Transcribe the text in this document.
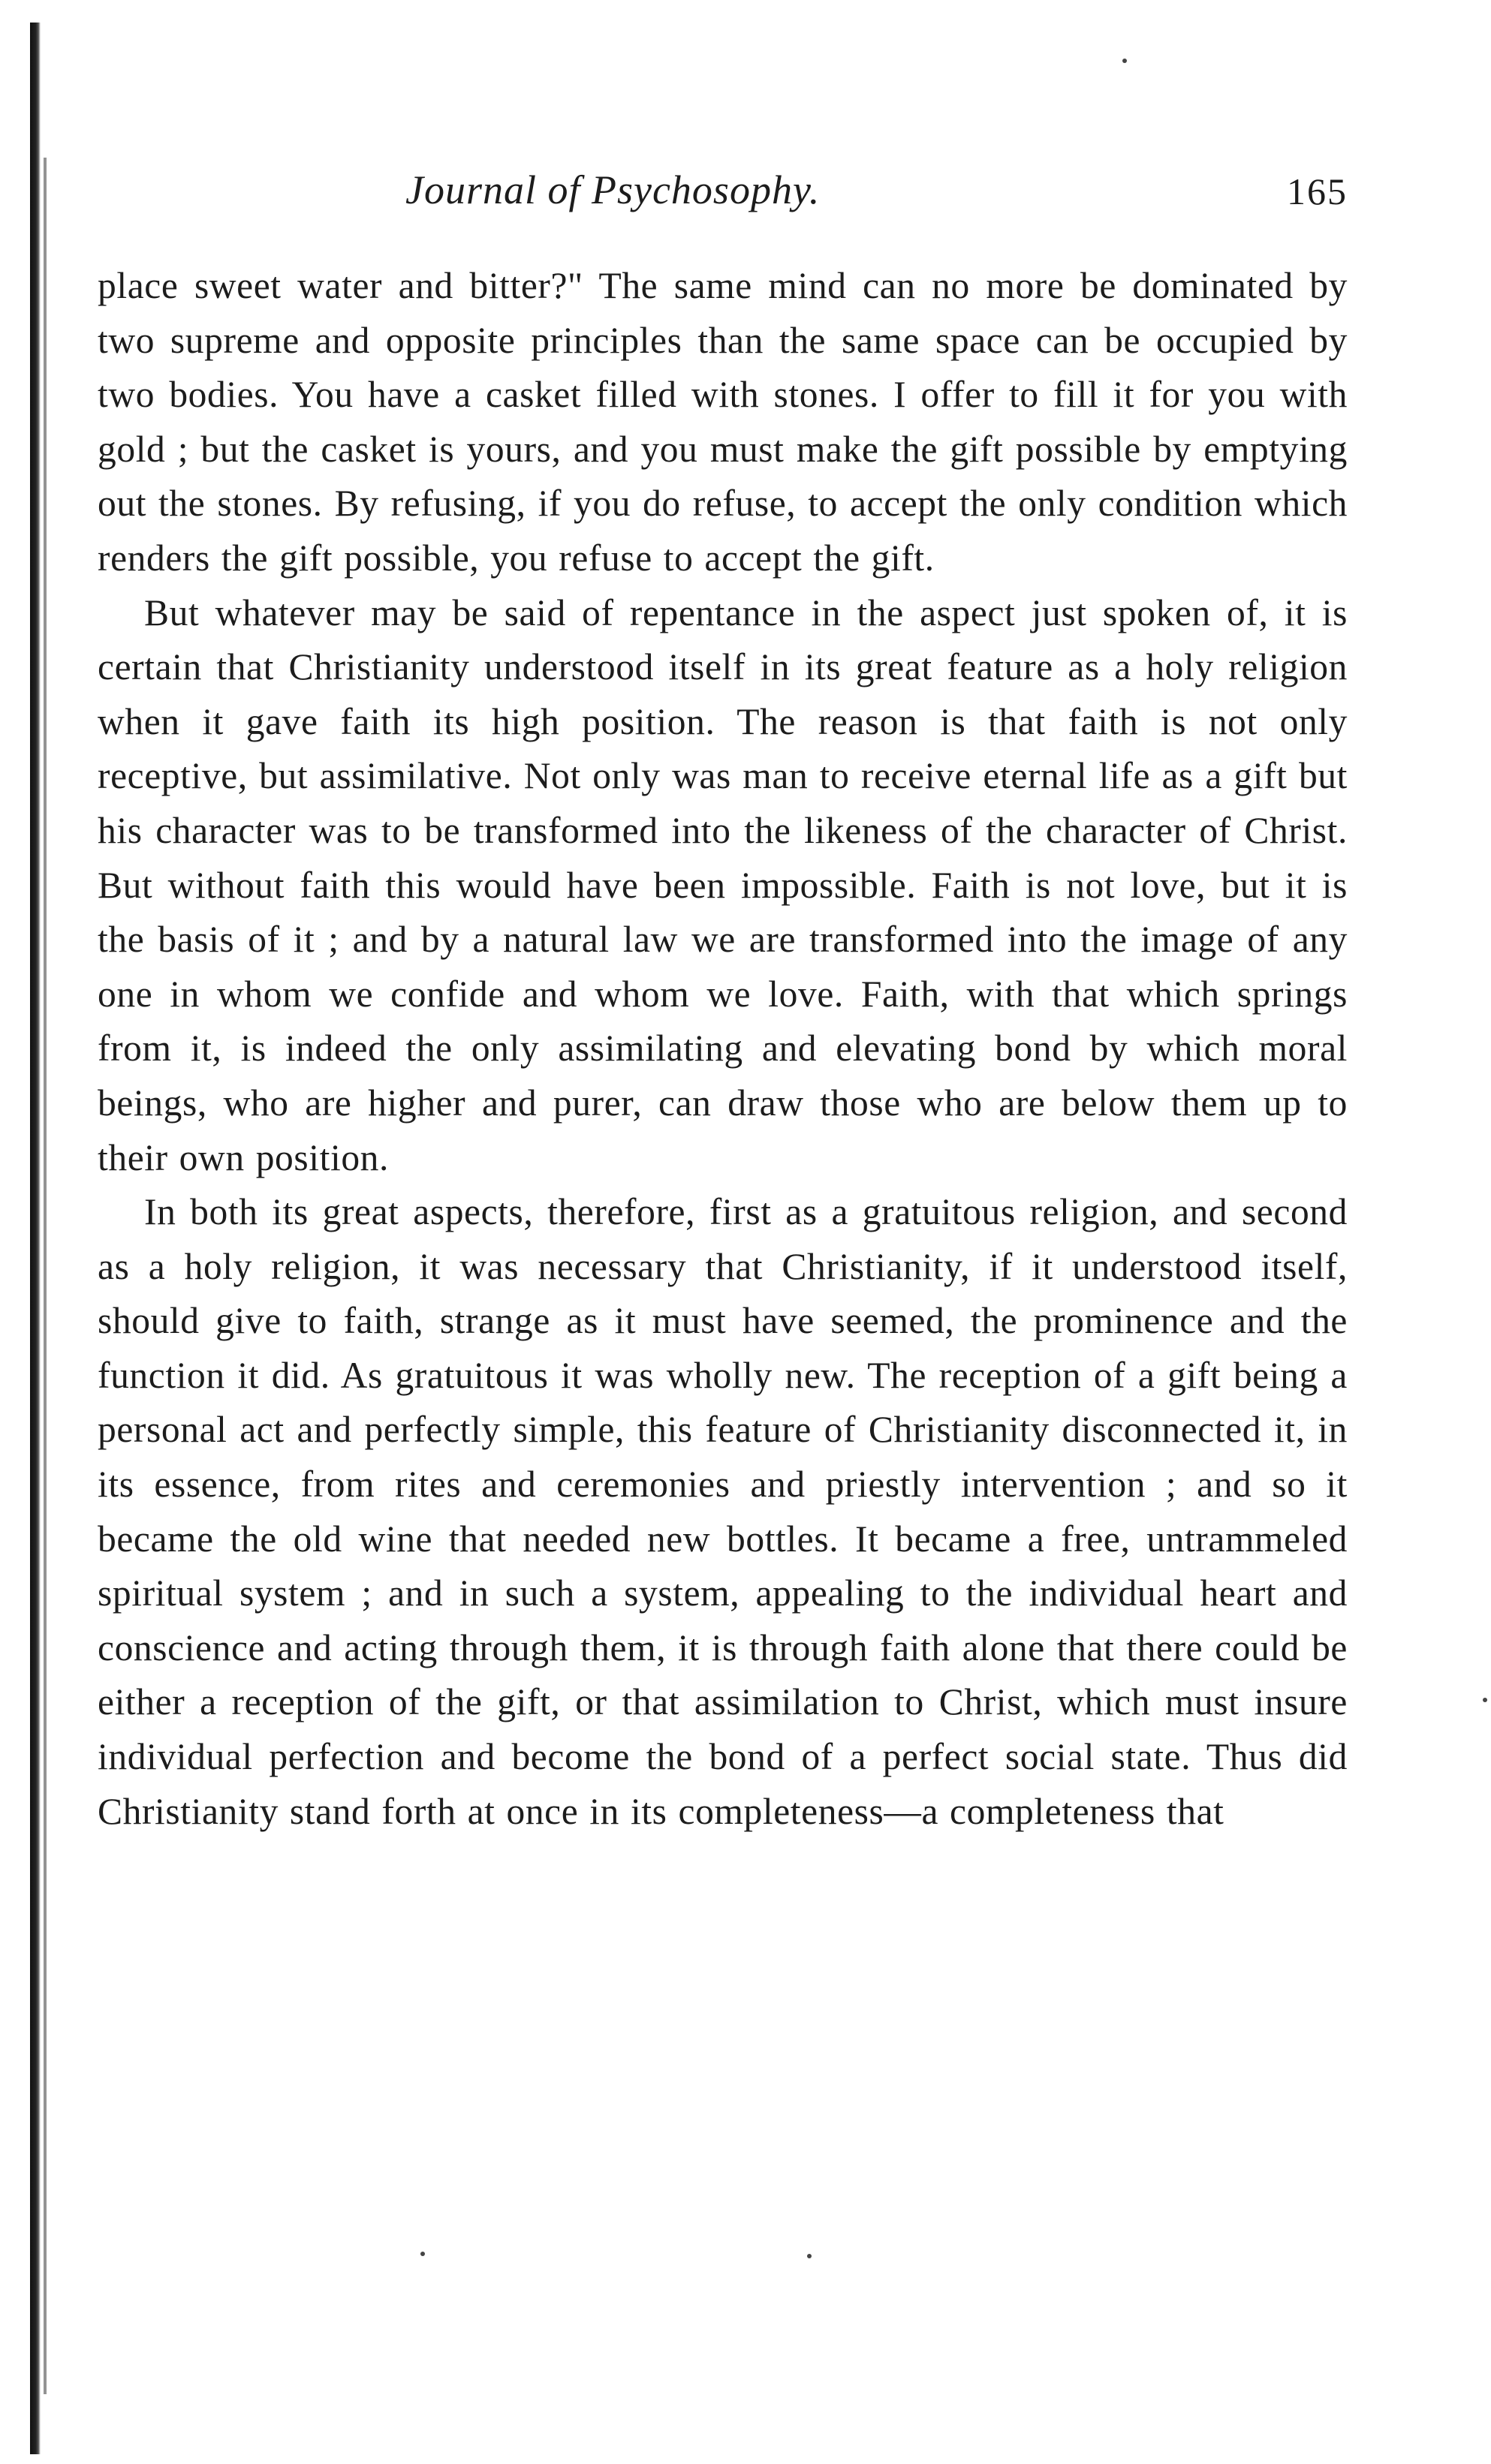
Journal of Psychosophy.	165

place sweet water and bitter?" The same mind can no more be dominated by two supreme and opposite principles than the same space can be occupied by two bodies. You have a casket filled with stones. I offer to fill it for you with gold ; but the casket is yours, and you must make the gift possible by emptying out the stones. By refusing, if you do refuse, to accept the only condition which renders the gift possible, you refuse to accept the gift.

But whatever may be said of repentance in the aspect just spoken of, it is certain that Christianity understood itself in its great feature as a holy religion when it gave faith its high position. The reason is that faith is not only receptive, but assimilative. Not only was man to receive eternal life as a gift but his character was to be transformed into the likeness of the character of Christ. But without faith this would have been impossible. Faith is not love, but it is the basis of it ; and by a natural law we are transformed into the image of any one in whom we confide and whom we love. Faith, with that which springs from it, is indeed the only assimilating and elevating bond by which moral beings, who are higher and purer, can draw those who are below them up to their own position.

In both its great aspects, therefore, first as a gratuitous religion, and second as a holy religion, it was necessary that Christianity, if it understood itself, should give to faith, strange as it must have seemed, the prominence and the function it did. As gratuitous it was wholly new. The reception of a gift being a personal act and perfectly simple, this feature of Christianity disconnected it, in its essence, from rites and ceremonies and priestly intervention ; and so it became the old wine that needed new bottles. It became a free, untrammeled spiritual system ; and in such a system, appealing to the individual heart and conscience and acting through them, it is through faith alone that there could be either a reception of the gift, or that assimilation to Christ, which must insure individual perfection and become the bond of a perfect social state. Thus did Christianity stand forth at once in its completeness—a completeness that
